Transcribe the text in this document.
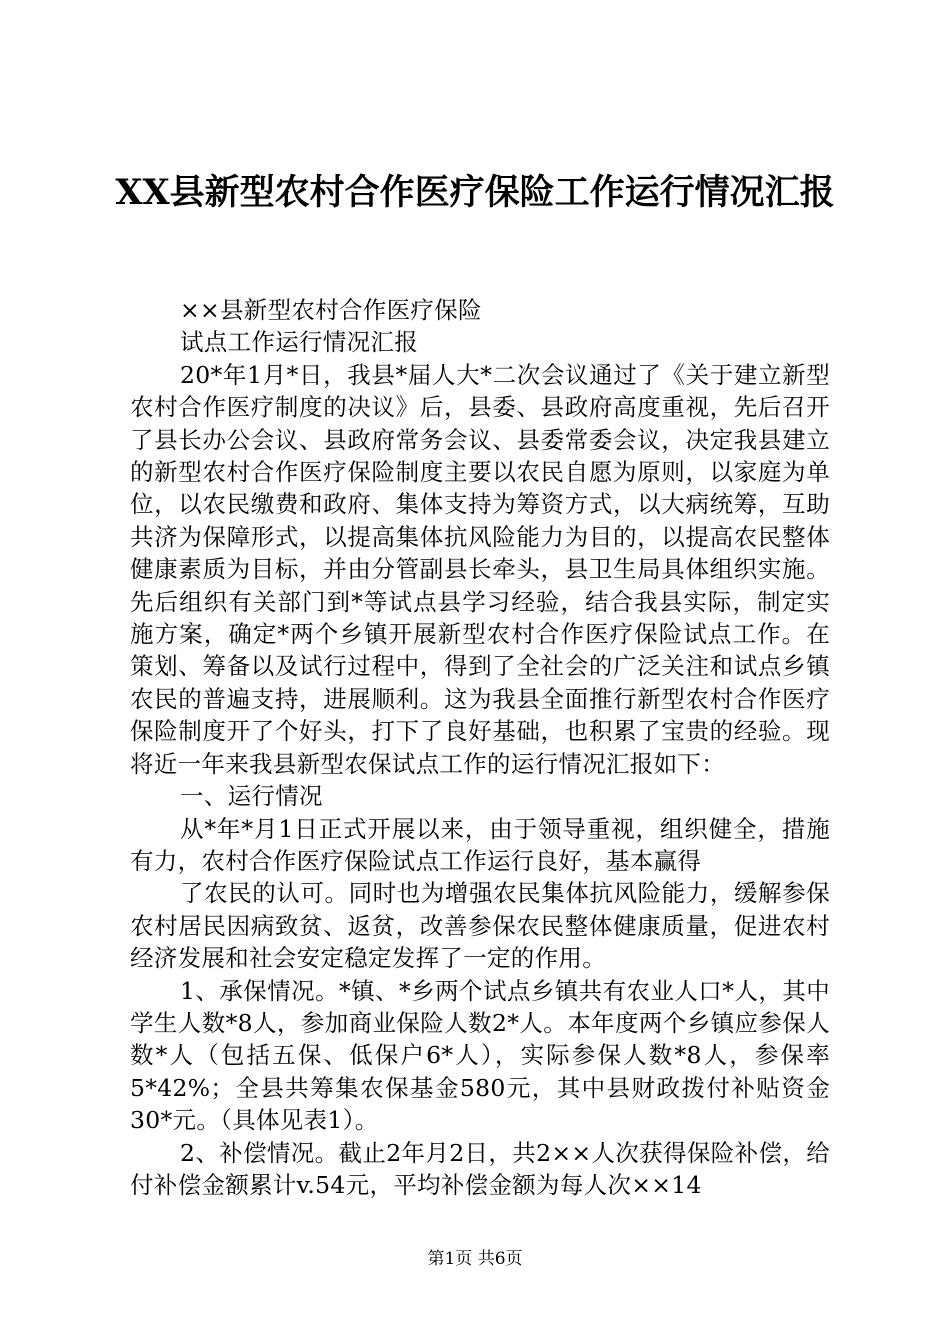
XX县新型农村合作医疗保险工作运行情况汇报

××县新型农村合作医疗保险

试点工作运行情况汇报

20*年1月*日，我县*届人大*二次会议通过了《关于建立新型农村合作医疗制度的决议》后，县委、县政府高度重视，先后召开了县长办公会议、县政府常务会议、县委常委会议，决定我县建立的新型农村合作医疗保险制度主要以农民自愿为原则，以家庭为单位，以农民缴费和政府、集体支持为筹资方式，以大病统筹，互助共济为保障形式，以提高集体抗风险能力为目的，以提高农民整体健康素质为目标，并由分管副县长牵头，县卫生局具体组织实施。先后组织有关部门到*等试点县学习经验，结合我县实际，制定实施方案，确定*两个乡镇开展新型农村合作医疗保险试点工作。在策划、筹备以及试行过程中，得到了全社会的广泛关注和试点乡镇农民的普遍支持，进展顺利。这为我县全面推行新型农村合作医疗保险制度开了个好头，打下了良好基础，也积累了宝贵的经验。现将近一年来我县新型农保试点工作的运行情况汇报如下：

一、运行情况

从*年*月1日正式开展以来，由于领导重视，组织健全，措施有力，农村合作医疗保险试点工作运行良好，基本赢得

了农民的认可。同时也为增强农民集体抗风险能力，缓解参保农村居民因病致贫、返贫，改善参保农民整体健康质量，促进农村经济发展和社会安定稳定发挥了一定的作用。

1、承保情况。*镇、*乡两个试点乡镇共有农业人口*人，其中学生人数*8人，参加商业保险人数2*人。本年度两个乡镇应参保人数*人（包括五保、低保户6*人），实际参保人数*8人，参保率5*42%；全县共筹集农保基金580元，其中县财政拨付补贴资金30*元。（具体见表1）。

2、补偿情况。截止2年月2日，共2××人次获得保险补偿，给付补偿金额累计v.54元，平均补偿金额为每人次××14

第1页 共6页
